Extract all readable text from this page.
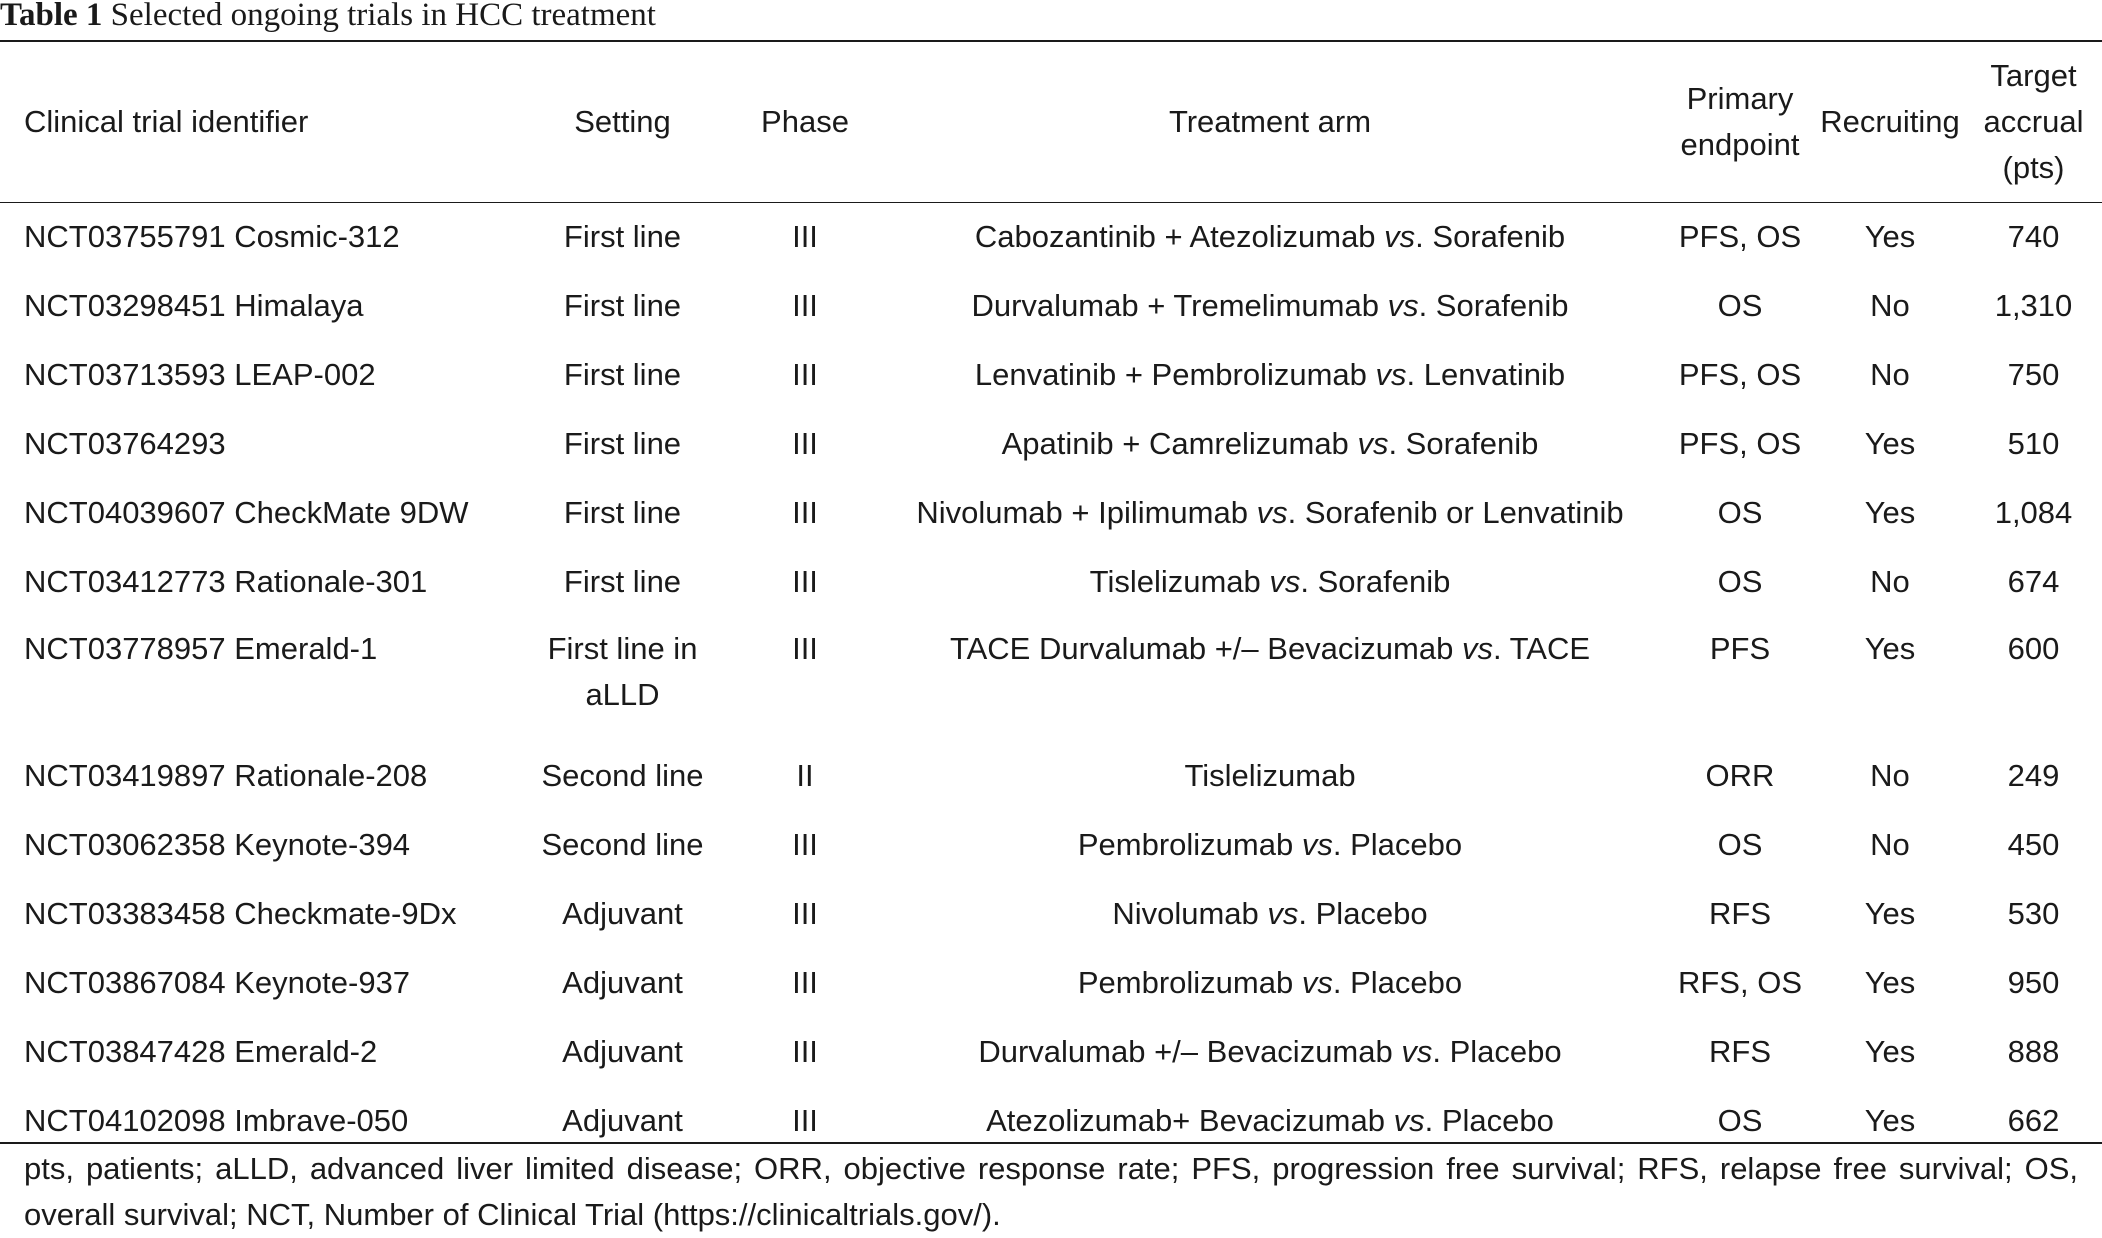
Table 1 Selected ongoing trials in HCC treatment
Clinical trial identifier	Setting	Phase	Treatment arm	Primary endpoint	Recruiting	Target accrual (pts)
NCT03755791 Cosmic-312	First line	III	Cabozantinib + Atezolizumab vs. Sorafenib	PFS, OS	Yes	740
NCT03298451 Himalaya	First line	III	Durvalumab + Tremelimumab vs. Sorafenib	OS	No	1,310
NCT03713593 LEAP-002	First line	III	Lenvatinib + Pembrolizumab vs. Lenvatinib	PFS, OS	No	750
NCT03764293	First line	III	Apatinib + Camrelizumab vs. Sorafenib	PFS, OS	Yes	510
NCT04039607 CheckMate 9DW	First line	III	Nivolumab + Ipilimumab vs. Sorafenib or Lenvatinib	OS	Yes	1,084
NCT03412773 Rationale-301	First line	III	Tislelizumab vs. Sorafenib	OS	No	674
NCT03778957 Emerald-1	First line in aLLD	III	TACE Durvalumab +/– Bevacizumab vs. TACE	PFS	Yes	600
NCT03419897 Rationale-208	Second line	II	Tislelizumab	ORR	No	249
NCT03062358 Keynote-394	Second line	III	Pembrolizumab vs. Placebo	OS	No	450
NCT03383458 Checkmate-9Dx	Adjuvant	III	Nivolumab vs. Placebo	RFS	Yes	530
NCT03867084 Keynote-937	Adjuvant	III	Pembrolizumab vs. Placebo	RFS, OS	Yes	950
NCT03847428 Emerald-2	Adjuvant	III	Durvalumab +/– Bevacizumab vs. Placebo	RFS	Yes	888
NCT04102098 Imbrave-050	Adjuvant	III	Atezolizumab+ Bevacizumab vs. Placebo	OS	Yes	662
pts, patients; aLLD, advanced liver limited disease; ORR, objective response rate; PFS, progression free survival; RFS, relapse free survival; OS, overall survival; NCT, Number of Clinical Trial (https://clinicaltrials.gov/).
